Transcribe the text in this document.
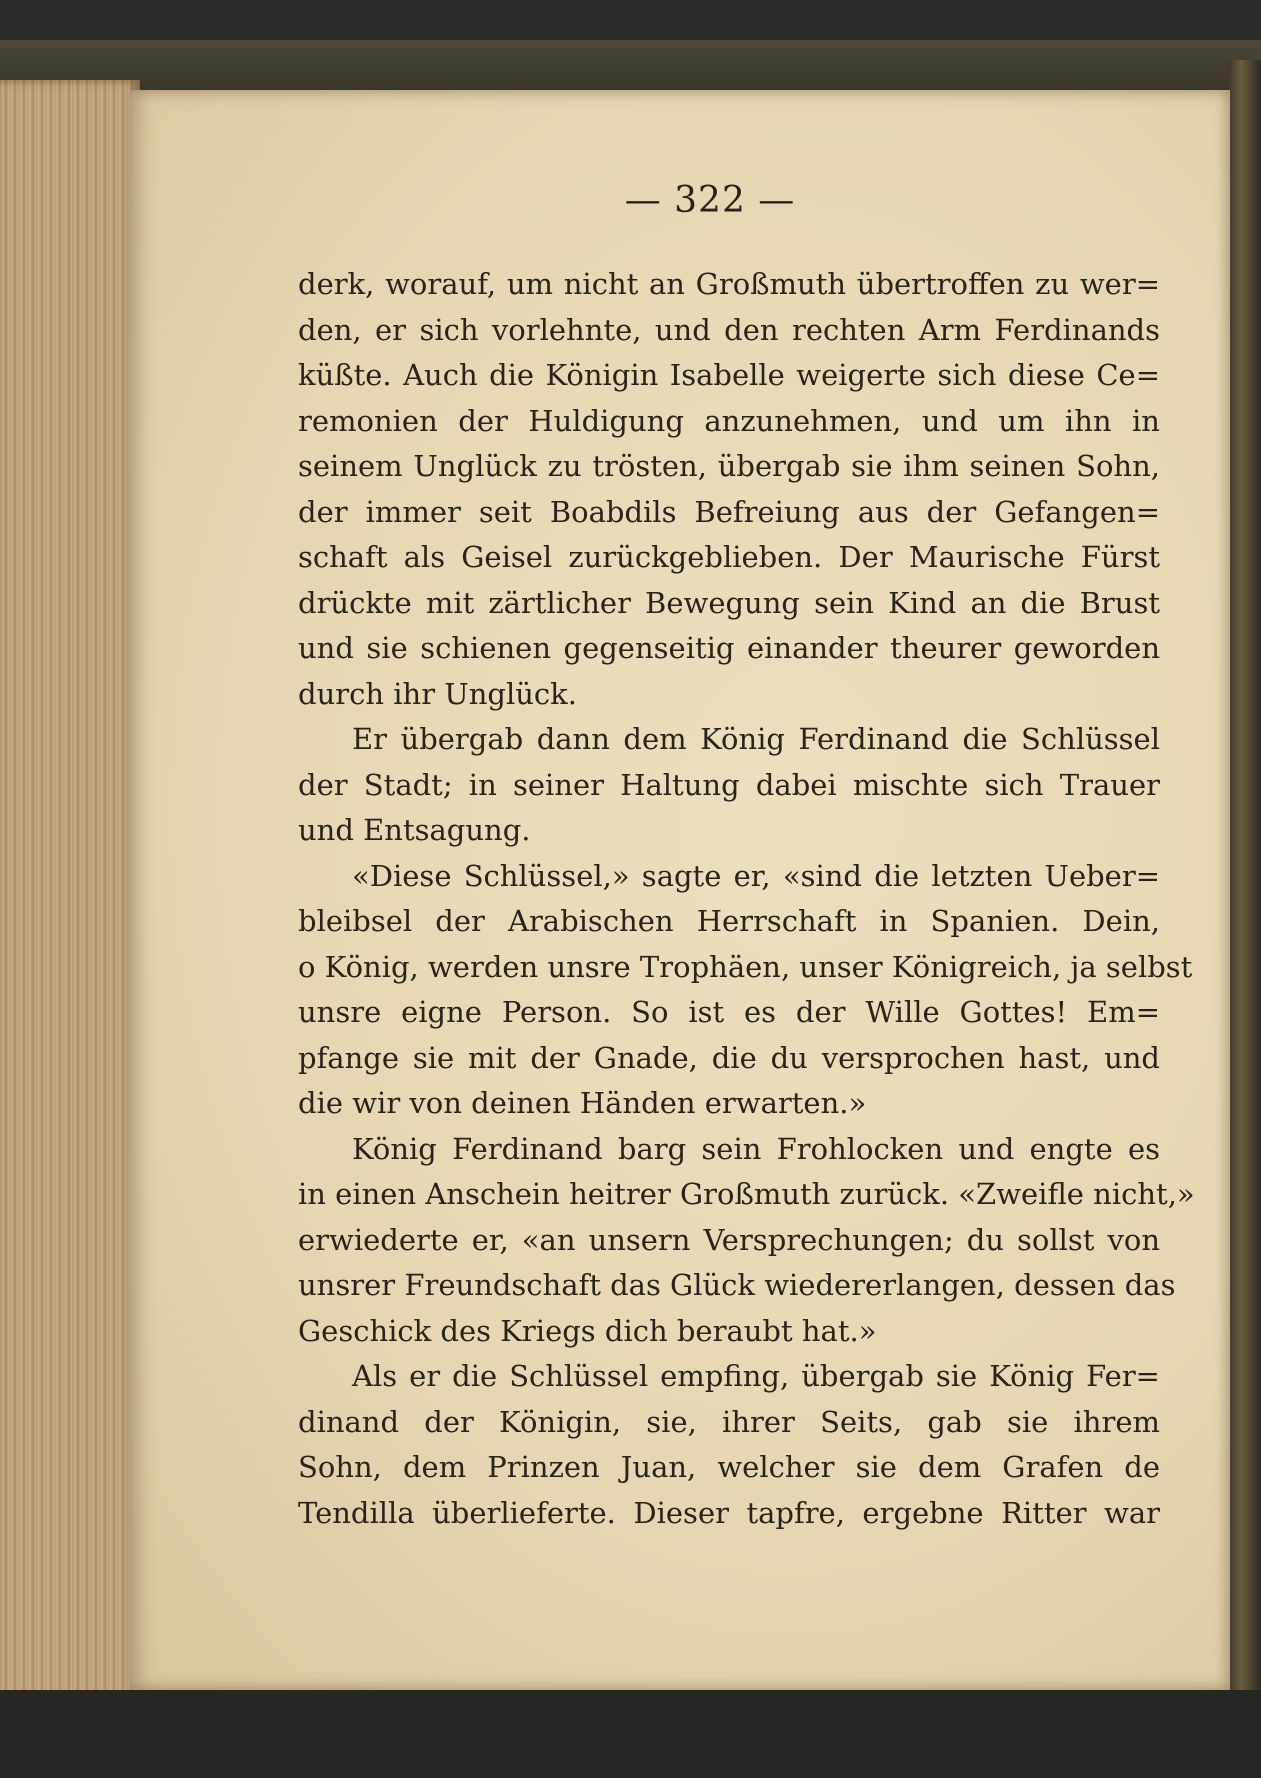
— 322 —
derk, worauf, um nicht an Großmuth übertroffen zu wer=
den, er sich vorlehnte, und den rechten Arm Ferdinands
küßte. Auch die Königin Isabelle weigerte sich diese Ce=
remonien der Huldigung anzunehmen, und um ihn in
seinem Unglück zu trösten, übergab sie ihm seinen Sohn,
der immer seit Boabdils Befreiung aus der Gefangen=
schaft als Geisel zurückgeblieben. Der Maurische Fürst
drückte mit zärtlicher Bewegung sein Kind an die Brust
und sie schienen gegenseitig einander theurer geworden
durch ihr Unglück.
Er übergab dann dem König Ferdinand die Schlüssel
der Stadt; in seiner Haltung dabei mischte sich Trauer
und Entsagung.
«Diese Schlüssel,» sagte er, «sind die letzten Ueber=
bleibsel der Arabischen Herrschaft in Spanien. Dein,
o König, werden unsre Trophäen, unser Königreich, ja selbst
unsre eigne Person. So ist es der Wille Gottes! Em=
pfange sie mit der Gnade, die du versprochen hast, und
die wir von deinen Händen erwarten.»
König Ferdinand barg sein Frohlocken und engte es
in einen Anschein heitrer Großmuth zurück. «Zweifle nicht,»
erwiederte er, «an unsern Versprechungen; du sollst von
unsrer Freundschaft das Glück wiedererlangen, dessen das
Geschick des Kriegs dich beraubt hat.»
Als er die Schlüssel empfing, übergab sie König Fer=
dinand der Königin, sie, ihrer Seits, gab sie ihrem
Sohn, dem Prinzen Juan, welcher sie dem Grafen de
Tendilla überlieferte. Dieser tapfre, ergebne Ritter war
